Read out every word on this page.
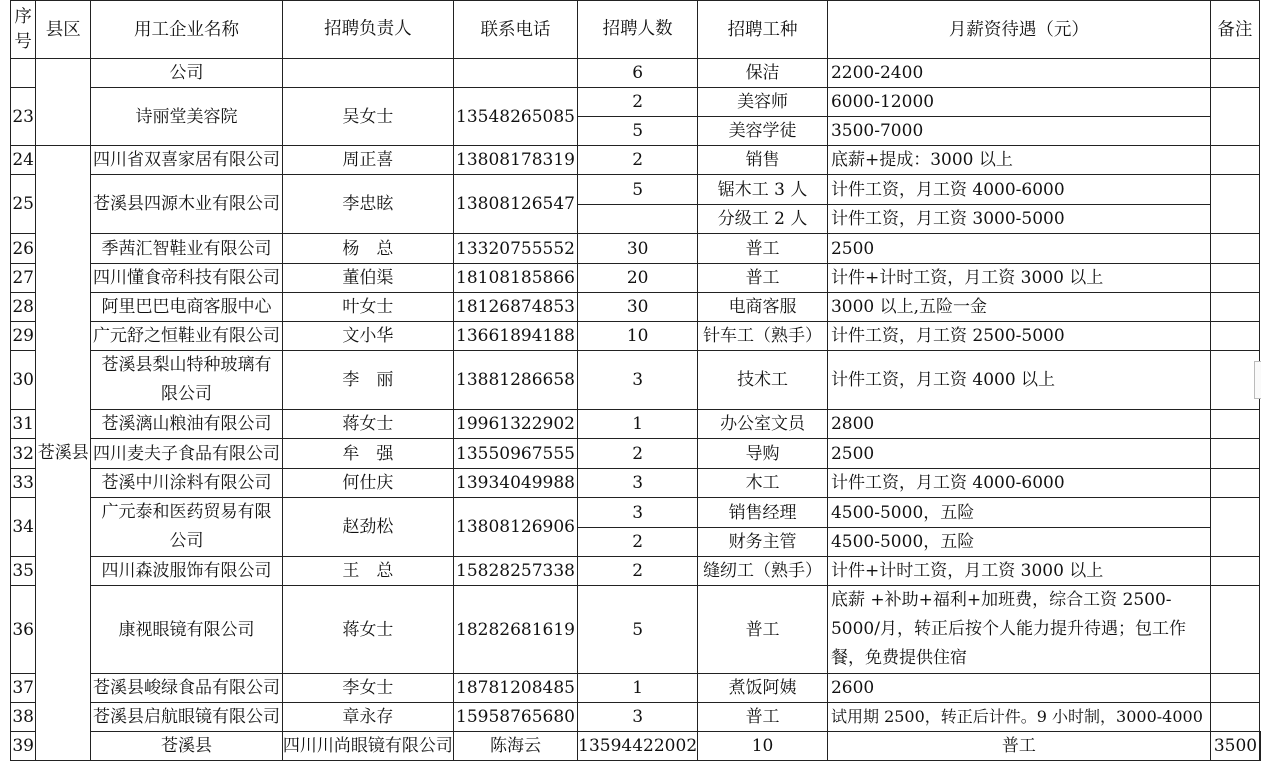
序号	县区	用工企业名称	招聘负责人	联系电话	招聘人数	招聘工种	月薪资待遇（元）	备注	
		公司			6	保洁	2200-2400		
23		诗丽堂美容院	吴女士	13548265085	2	美容师	6000-12000		
					5	美容学徒	3500-7000		
24	苍溪县	四川省双喜家居有限公司	周正喜	13808178319	2	销售	底薪+提成：3000 以上		
25		苍溪县四源木业有限公司	李忠眩	13808126547	5	锯木工 3 人	计件工资，月工资 4000-6000		
						分级工 2 人	计件工资，月工资 3000-5000		
26		季茜汇智鞋业有限公司	杨　总	13320755552	30	普工	2500		
27		四川懂食帝科技有限公司	董伯渠	18108185866	20	普工	计件+计时工资，月工资 3000 以上		
28		阿里巴巴电商客服中心	叶女士	18126874853	30	电商客服	3000 以上,五险一金		
29		广元舒之恒鞋业有限公司	文小华	13661894188	10	针车工（熟手）	计件工资，月工资 2500-5000		
30		苍溪县梨山特种玻璃有限公司	李　丽	13881286658	3	技术工	计件工资，月工资 4000 以上		
31		苍溪漓山粮油有限公司	蒋女士	19961322902	1	办公室文员	2800		
32		四川麦夫子食品有限公司	牟　强	13550967555	2	导购	2500		
33		苍溪中川涂料有限公司	何仕庆	13934049988	3	木工	计件工资，月工资 4000-6000		
34		广元泰和医药贸易有限公司	赵劲松	13808126906	3	销售经理	4500-5000，五险		
					2	财务主管	4500-5000，五险		
35		四川森波服饰有限公司	王　总	15828257338	2	缝纫工（熟手）	计件+计时工资，月工资 3000 以上		
36		康视眼镜有限公司	蒋女士	18282681619	5	普工	底薪 +补助+福利+加班费，综合工资 2500-5000/月，转正后按个人能力提升待遇；包工作餐，免费提供住宿		
37		苍溪县峻绿食品有限公司	李女士	18781208485	1	煮饭阿姨	2600		
38		苍溪县启航眼镜有限公司	章永存	15958765680	3	普工	试用期 2500，转正后计件。9 小时制，3000-4000		
39		苍溪县	四川川尚眼镜有限公司	陈海云	13594422002	10	普工	3500	
